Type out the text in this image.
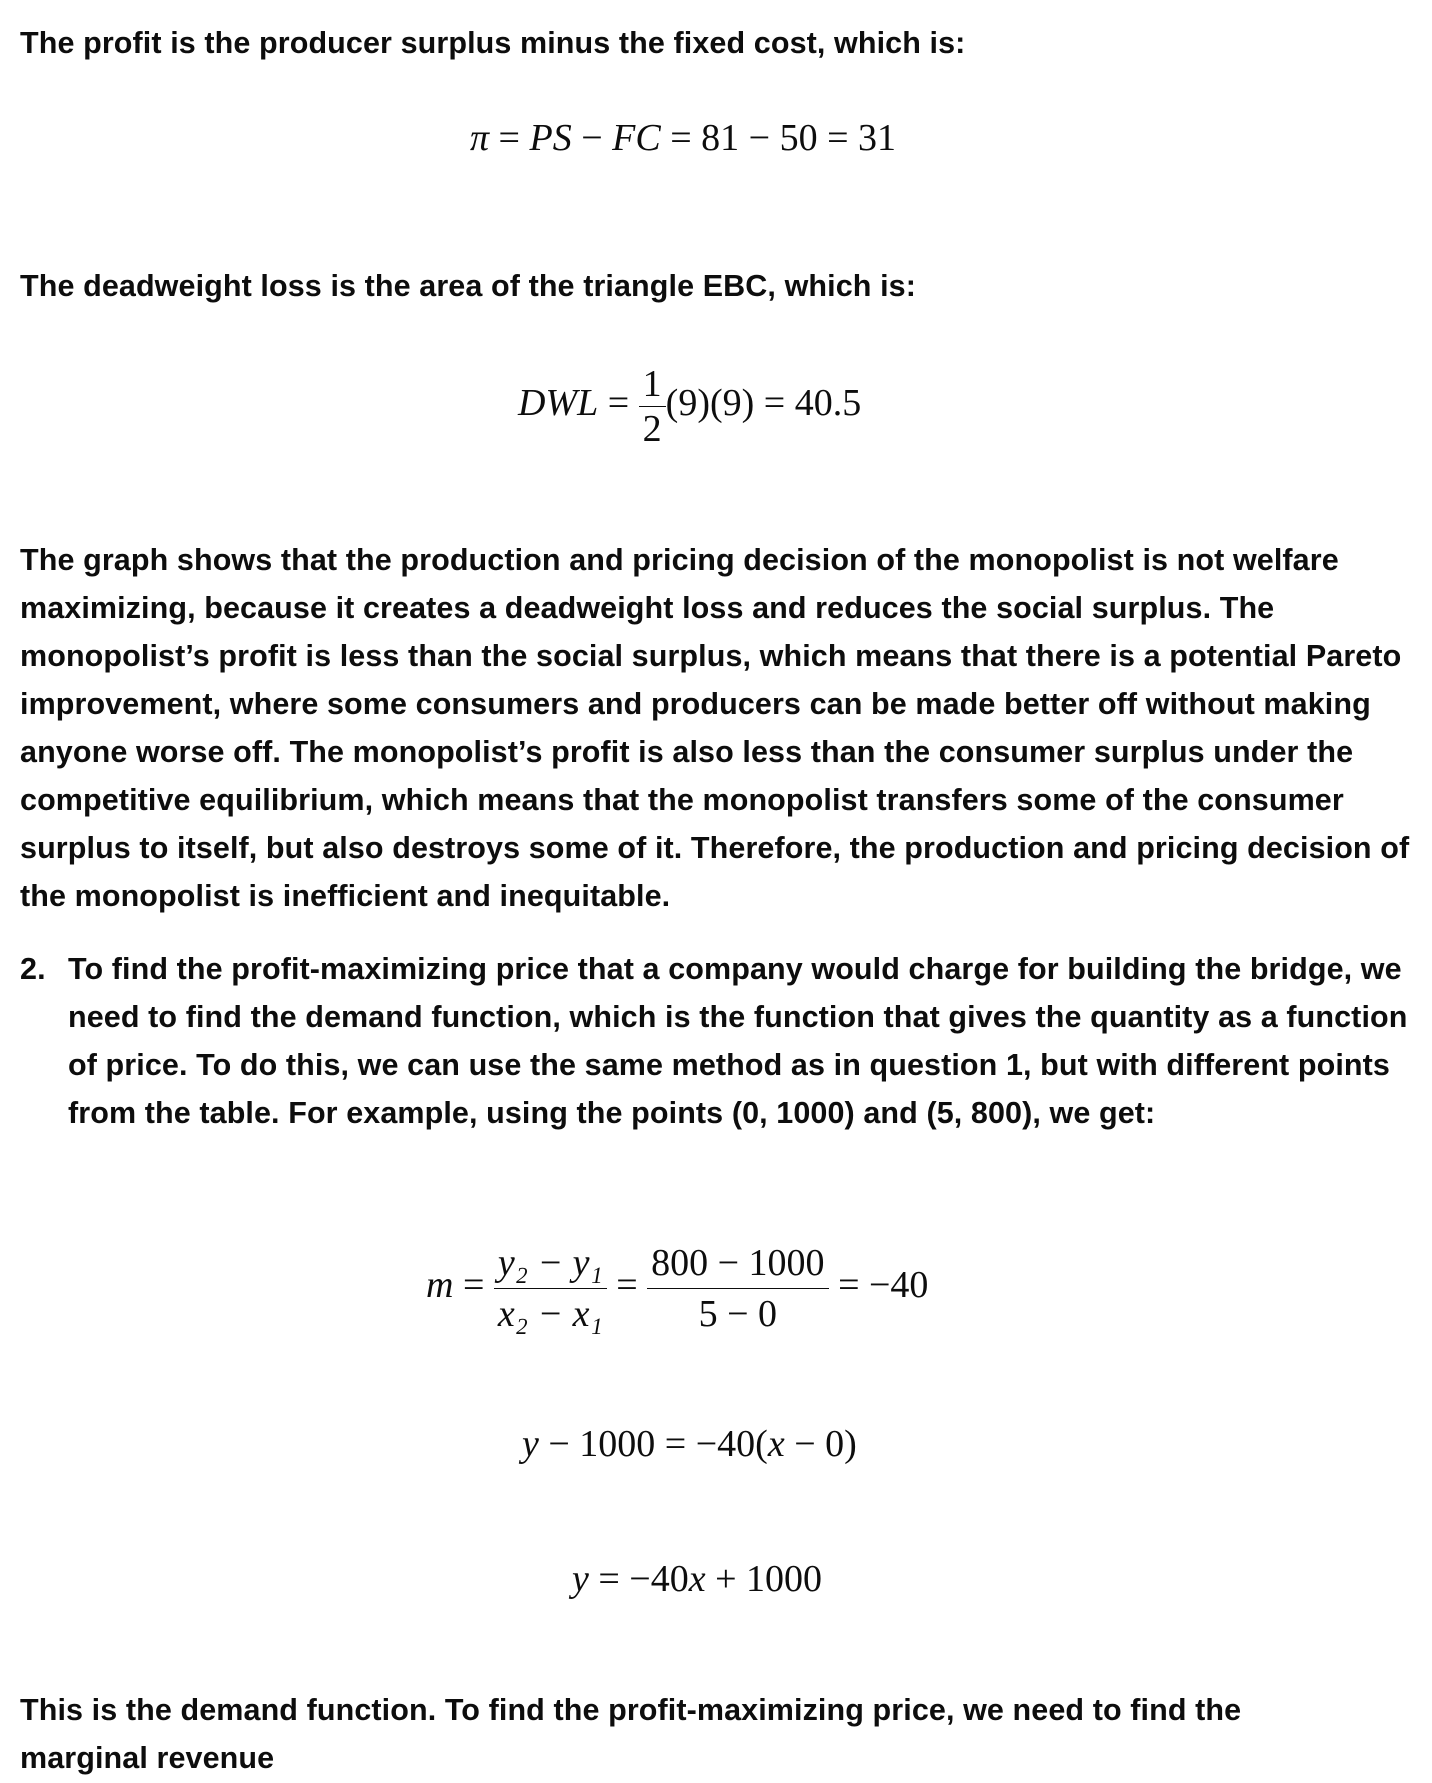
The profit is the producer surplus minus the fixed cost, which is:

π = PS − FC = 81 − 50 = 31

The deadweight loss is the area of the triangle EBC, which is:

DWL = $\frac{1}{2} (9)(9) = 40.5$

The graph shows that the production and pricing decision of the monopolist is not welfare maximizing, because it creates a deadweight loss and reduces the social surplus. The monopolist’s profit is less than the social surplus, which means that there is a potential Pareto improvement, where some consumers and producers can be made better off without making anyone worse off. The monopolist’s profit is also less than the consumer surplus under the competitive equilibrium, which means that the monopolist transfers some of the consumer surplus to itself, but also destroys some of it. Therefore, the production and pricing decision of the monopolist is inefficient and inequitable.

2. To find the profit-maximizing price that a company would charge for building the bridge, we need to find the demand function, which is the function that gives the quantity as a function of price. To do this, we can use the same method as in question 1, but with different points from the table. For example, using the points (0, 1000) and (5, 800), we get:
$m = \frac{\text{y₂ − y₁}}{\text{x₂ − x₁}} = \frac{800 - 1000}{5 - 0} = -40$
y − 1000 = −40(x − 0)
y = −40x + 1000

This is the demand function. To find the profit-maximizing price, we need to find the marginal revenue
